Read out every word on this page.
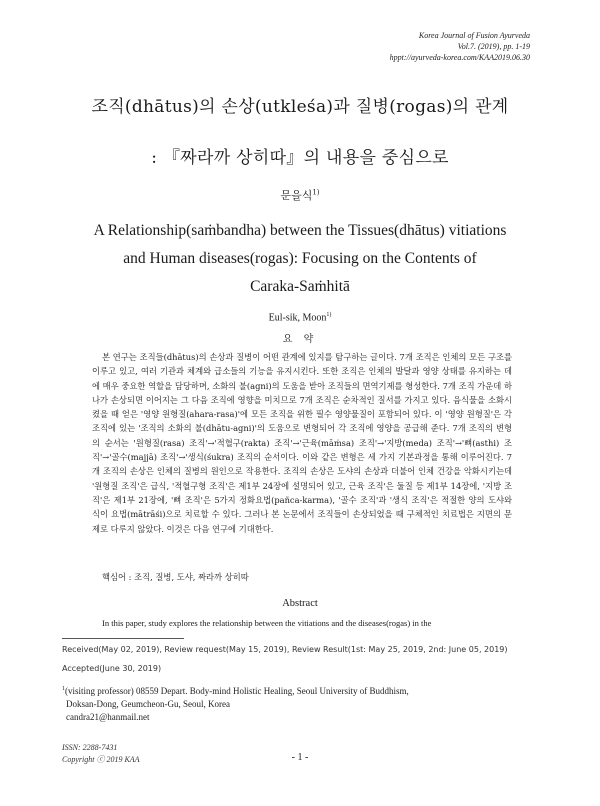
Korea Journal of Fusion Ayurveda
Vol.7. (2019), pp. 1-19
hppt://ayurveda-korea.com/KAA2019.06.30
조직(dhātus)의 손상(utkleśa)과 질병(rogas)의 관계
: 『짜라까 상히따』의 내용을 중심으로
문을식$^{1)}$
A Relationship(saṁbandha) between the Tissues(dhātus) vitiations
and Human diseases(rogas): Focusing on the Contents of
Caraka-Saṁhitā
Eul-sik, Moon$^{1)}$
요 약
본 연구는 조직들(dhātus)의 손상과 질병이 어떤 관계에 있지를 탐구하는 글이다. 7개 조직은 인체의 모든 구조를 이루고 있고, 여러 기관과 체계와 급소들의 기능을 유지시킨다. 또한 조직은 인체의 발달과 영양 상태를 유지하는 데에 매우 중요한 역할을 담당하며, 소화의 불(agni)의 도움을 받아 조직들의 면역기제를 형성한다. 7개 조직 가운데 하나가 손상되면 이어지는 그 다음 조직에 영향을 미치므로 7개 조직은 순차적인 질서를 가지고 있다. 음식물을 소화시켰을 때 얻은 '영양 원형질(ahara-rasa)'에 모든 조직을 위한 필수 영양물질이 포함되어 있다. 이 '영양 원형질'은 각 조직에 있는 '조직의 소화의 불(dhātu-agni)'의 도움으로 변형되어 각 조직에 영양을 공급해 준다. 7개 조직의 변형의 순서는 '원형질(rasa) 조직'→'적혈구(rakta) 조직'→'근육(māṁsa) 조직'→'지방(meda) 조직'→'뼈(asthi) 조직'→'골수(majjā) 조직'→'생식(śukra) 조직의 순서이다. 이와 같은 변형은 세 가지 기본과정을 통해 이루어진다. 7개 조직의 손상은 인체의 질병의 원인으로 작용한다. 조직의 손상은 도샤의 손상과 더불어 인체 건강을 악화시키는데 '원형질 조직'은 급식, '적혈구형 조직'은 제1부 24장에 설명되어 있고, 근육 조직'은 둘질 등 제1부 14장에, '지방 조직'은 제1부 21장에, '뼈 조직'은 5가지 정화요법(pañca-karma), '골수 조직'과 '생식 조직'은 적절한 양의 도샤와 식이 요법(mātrāśi)으로 치료할 수 있다. 그러나 본 논문에서 조직들이 손상되었을 때 구체적인 치료법은 지면의 문제로 다루지 않았다. 이것은 다음 연구에 기대한다.
핵심어 : 조직, 질병, 도샤, 짜라까 상히따
Abstract
In this paper, study explores the relationship between the vitiations and the diseases(rogas) in the
Received(May 02, 2019), Review request(May 15, 2019), Review Result(1st: May 25, 2019, 2nd: June 05, 2019)
Accepted(June 30, 2019)
$^1$(visiting professor) 08559 Depart. Body-mind Holistic Healing, Seoul University of Buddhism,
Doksan-Dong, Geumcheon-Gu, Seoul, Korea
candra21@hanmail.net
ISSN: 2288-7431
Copyright ⓒ 2019 KAA	- 1 -
